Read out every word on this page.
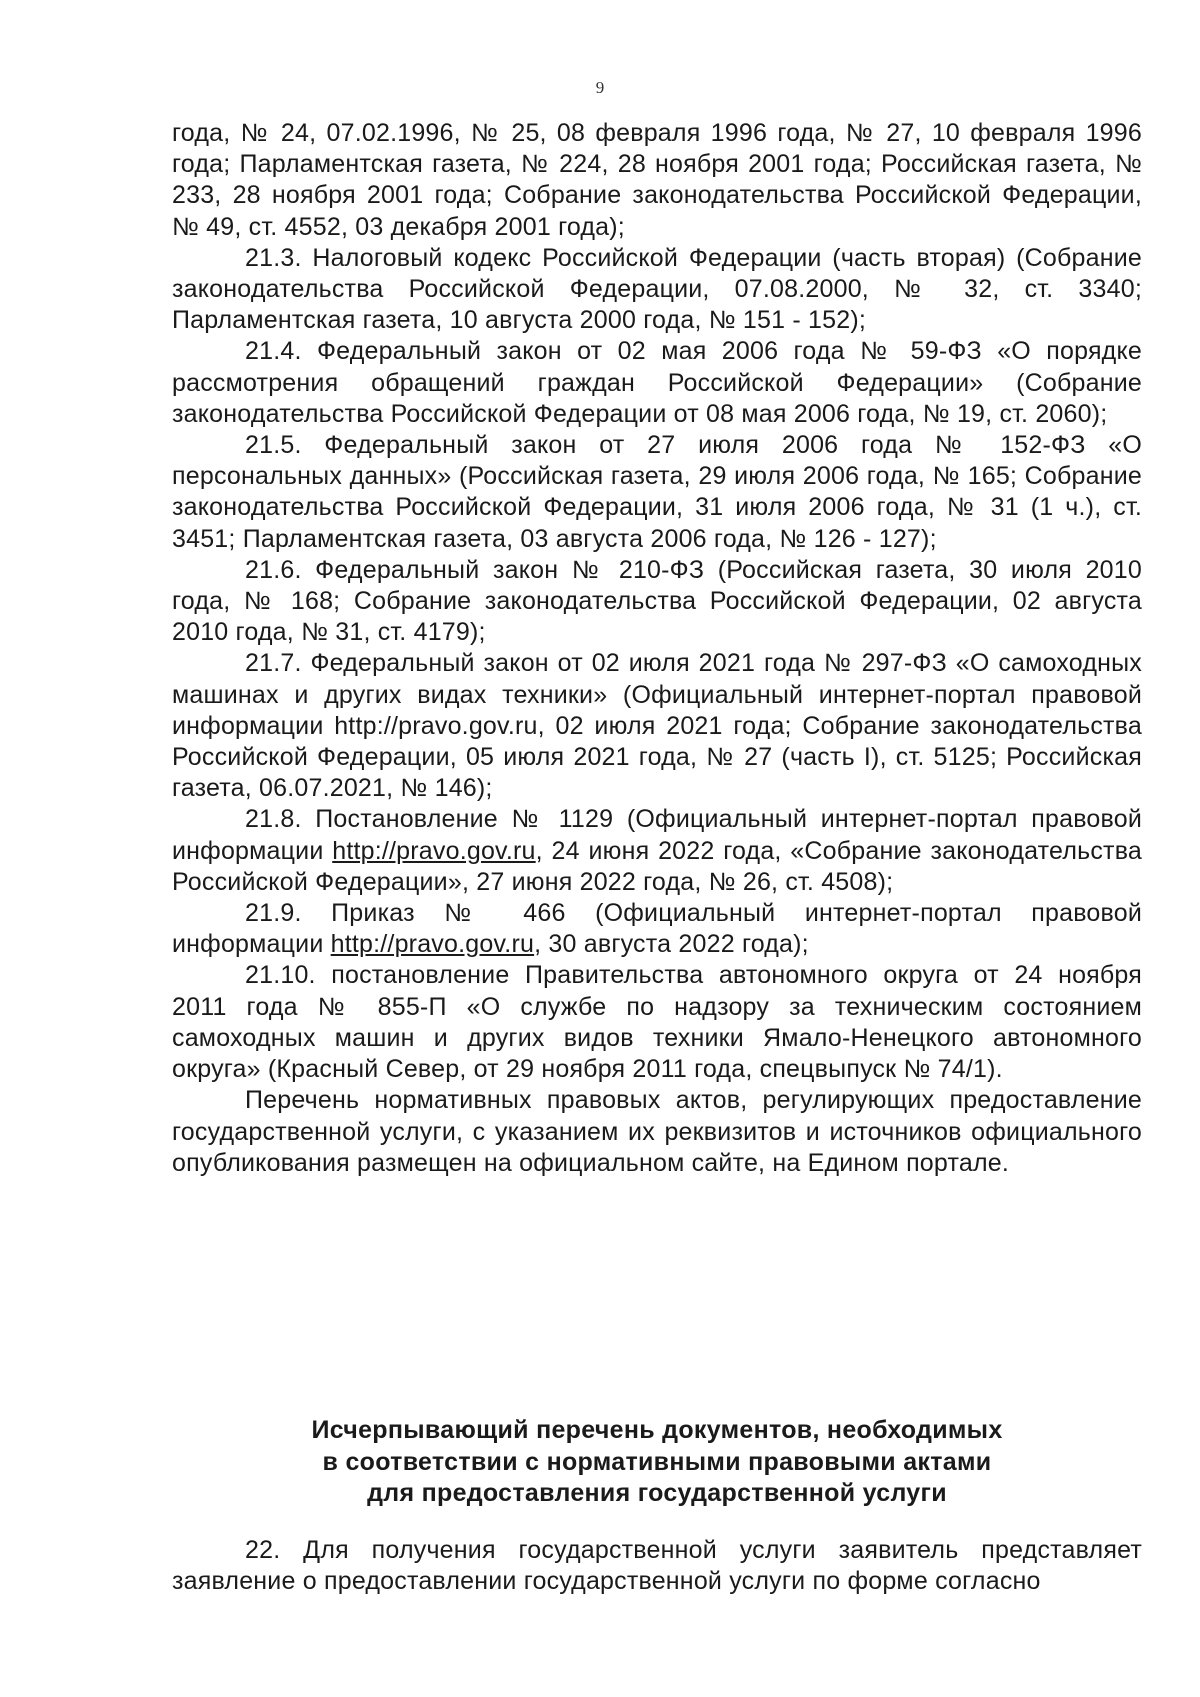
9

года, № 24, 07.02.1996, № 25, 08 февраля 1996 года, № 27, 10 февраля 1996 года; Парламентская газета, № 224, 28 ноября 2001 года; Российская газета, № 233, 28 ноября 2001 года; Собрание законодательства Российской Федерации, № 49, ст. 4552, 03 декабря 2001 года);

21.3. Налоговый кодекс Российской Федерации (часть вторая) (Собрание законодательства Российской Федерации, 07.08.2000, № 32, ст. 3340; Парламентская газета, 10 августа 2000 года, № 151 - 152);

21.4. Федеральный закон от 02 мая 2006 года № 59-ФЗ «О порядке рассмотрения обращений граждан Российской Федерации» (Собрание законодательства Российской Федерации от 08 мая 2006 года, № 19, ст. 2060);

21.5. Федеральный закон от 27 июля 2006 года № 152-ФЗ «О персональных данных» (Российская газета, 29 июля 2006 года, № 165; Собрание законодательства Российской Федерации, 31 июля 2006 года, № 31 (1 ч.), ст. 3451; Парламентская газета, 03 августа 2006 года, № 126 - 127);

21.6. Федеральный закон № 210-ФЗ (Российская газета, 30 июля 2010 года, № 168; Собрание законодательства Российской Федерации, 02 августа 2010 года, № 31, ст. 4179);

21.7. Федеральный закон от 02 июля 2021 года № 297-ФЗ «О самоходных машинах и других видах техники» (Официальный интернет-портал правовой информации http://pravo.gov.ru, 02 июля 2021 года; Собрание законодательства Российской Федерации, 05 июля 2021 года, № 27 (часть I), ст. 5125; Российская газета, 06.07.2021, № 146);

21.8. Постановление № 1129 (Официальный интернет-портал правовой информации http://pravo.gov.ru, 24 июня 2022 года, «Собрание законодательства Российской Федерации», 27 июня 2022 года, № 26, ст. 4508);

21.9. Приказ № 466 (Официальный интернет-портал правовой информации http://pravo.gov.ru, 30 августа 2022 года);

21.10. постановление Правительства автономного округа от 24 ноября 2011 года № 855-П «О службе по надзору за техническим состоянием самоходных машин и других видов техники Ямало-Ненецкого автономного округа» (Красный Север, от 29 ноября 2011 года, спецвыпуск № 74/1).

Перечень нормативных правовых актов, регулирующих предоставление государственной услуги, с указанием их реквизитов и источников официального опубликования размещен на официальном сайте, на Едином портале.

Исчерпывающий перечень документов, необходимых
в соответствии с нормативными правовыми актами
для предоставления государственной услуги

22. Для получения государственной услуги заявитель представляет заявление о предоставлении государственной услуги по форме согласно
